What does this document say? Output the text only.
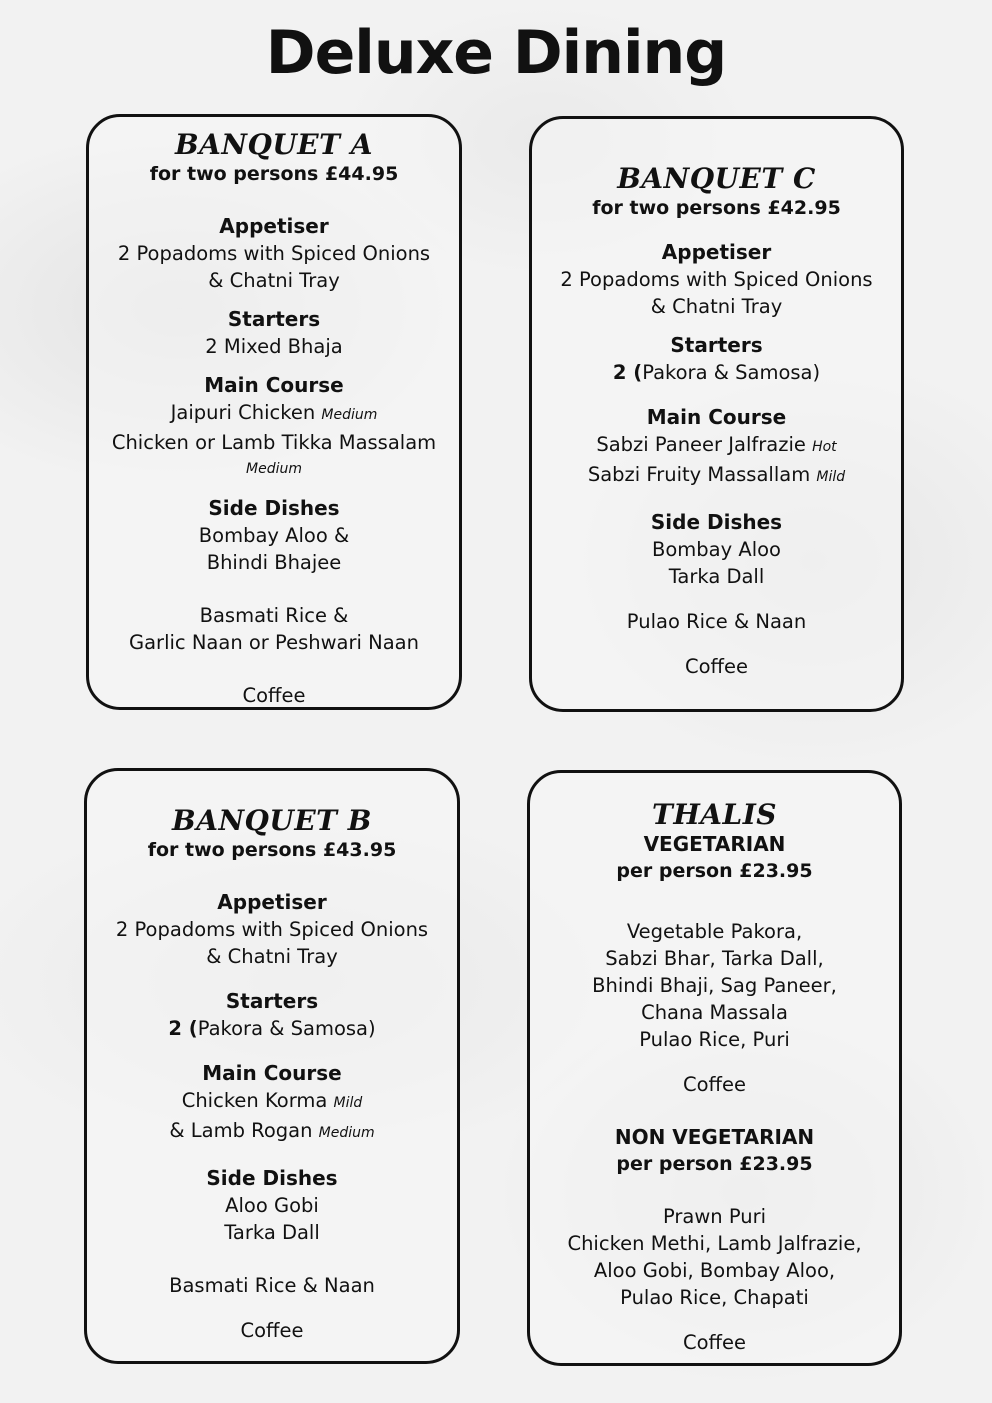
Deluxe Dining
BANQUET A
for two persons £44.95
Appetiser
2 Popadoms with Spiced Onions
& Chatni Tray
Starters
2 Mixed Bhaja
Main Course
Jaipuri Chicken Medium
Chicken or Lamb Tikka Massalam
Medium
Side Dishes
Bombay Aloo &
Bhindi Bhajee
Basmati Rice &
Garlic Naan or Peshwari Naan
Coffee
BANQUET C
for two persons £42.95
Appetiser
2 Popadoms with Spiced Onions
& Chatni Tray
Starters
2 (Pakora & Samosa)
Main Course
Sabzi Paneer Jalfrazie Hot
Sabzi Fruity Massallam Mild
Side Dishes
Bombay Aloo
Tarka Dall
Pulao Rice & Naan
Coffee
BANQUET B
for two persons £43.95
Appetiser
2 Popadoms with Spiced Onions
& Chatni Tray
Starters
2 (Pakora & Samosa)
Main Course
Chicken Korma Mild
& Lamb Rogan Medium
Side Dishes
Aloo Gobi
Tarka Dall
Basmati Rice & Naan
Coffee
THALIS
VEGETARIAN
per person £23.95
Vegetable Pakora,
Sabzi Bhar, Tarka Dall,
Bhindi Bhaji, Sag Paneer,
Chana Massala
Pulao Rice, Puri
Coffee
NON VEGETARIAN
per person £23.95
Prawn Puri
Chicken Methi, Lamb Jalfrazie,
Aloo Gobi, Bombay Aloo,
Pulao Rice, Chapati
Coffee
